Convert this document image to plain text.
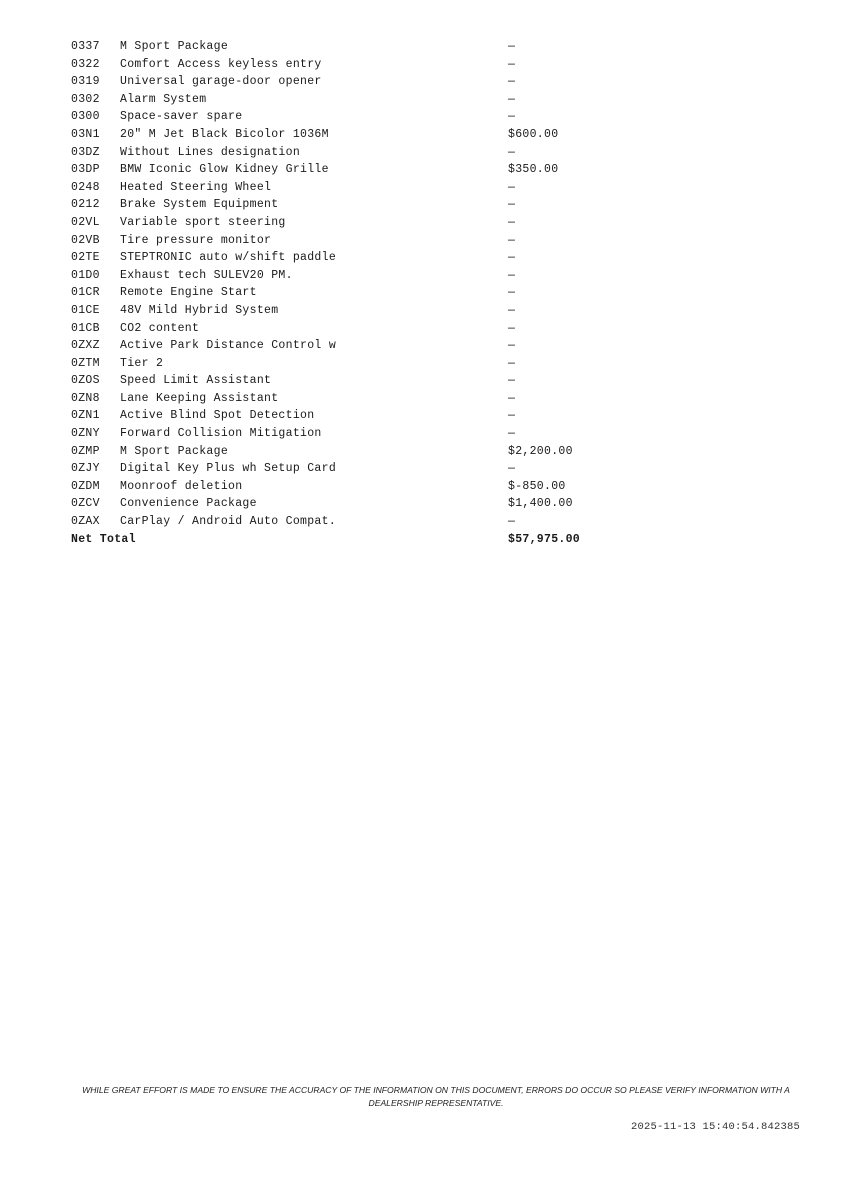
0337	M Sport Package	—
0322	Comfort Access keyless entry	—
0319	Universal garage-door opener	—
0302	Alarm System	—
0300	Space-saver spare	—
03N1	20" M Jet Black Bicolor 1036M	$600.00
03DZ	Without Lines designation	—
03DP	BMW Iconic Glow Kidney Grille	$350.00
0248	Heated Steering Wheel	—
0212	Brake System Equipment	—
02VL	Variable sport steering	—
02VB	Tire pressure monitor	—
02TE	STEPTRONIC auto w/shift paddle	—
01D0	Exhaust tech SULEV20 PM.	—
01CR	Remote Engine Start	—
01CE	48V Mild Hybrid System	—
01CB	CO2 content	—
0ZXZ	Active Park Distance Control w	—
0ZTM	Tier 2	—
0ZOS	Speed Limit Assistant	—
0ZN8	Lane Keeping Assistant	—
0ZN1	Active Blind Spot Detection	—
0ZNY	Forward Collision Mitigation	—
0ZMP	M Sport Package	$2,200.00
0ZJY	Digital Key Plus wh Setup Card	—
0ZDM	Moonroof deletion	$-850.00
0ZCV	Convenience Package	$1,400.00
0ZAX	CarPlay / Android Auto Compat.	—
Net Total	$57,975.00
WHILE GREAT EFFORT IS MADE TO ENSURE THE ACCURACY OF THE INFORMATION ON THIS DOCUMENT, ERRORS DO OCCUR SO PLEASE VERIFY INFORMATION WITH A DEALERSHIP REPRESENTATIVE.
2025-11-13 15:40:54.842385
